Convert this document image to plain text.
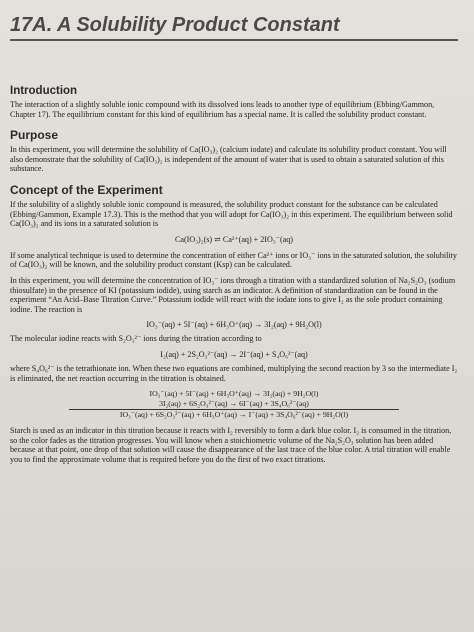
17A. A Solubility Product Constant
Introduction

The interaction of a slightly soluble ionic compound with its dissolved ions leads to another type of equilibrium (Ebbing/Gammon, Chapter 17). The equilibrium constant for this kind of equilibrium has a special name. It is called the solubility product constant.

Purpose

In this experiment, you will determine the solubility of Ca(IO₃)₂ (calcium iodate) and calculate its solubility product constant. You will also demonstrate that the solubility of Ca(IO₃)₂ is independent of the amount of water that is used to obtain a saturated solution of this substance.

Concept of the Experiment

If the solubility of a slightly soluble ionic compound is measured, the solubility product constant for the substance can be calculated (Ebbing/Gammon, Example 17.3). This is the method that you will adopt for Ca(IO₃)₂ in this experiment. The equilibrium between solid Ca(IO₃)₂ and its ions in a saturated solution is

Ca(IO₃)₂(s) ⇌ Ca²⁺(aq) + 2IO₃⁻(aq)

If some analytical technique is used to determine the concentration of either Ca²⁺ ions or IO₃⁻ ions in the saturated solution, the solubility of Ca(IO₃)₂ will be known, and the solubility product constant (Ksp) can be calculated.

In this experiment, you will determine the concentration of IO₃⁻ ions through a titration with a standardized solution of Na₂S₂O₃ (sodium thiosulfate) in the presence of KI (potassium iodide), using starch as an indicator. A definition of standardization can be found in the experiment “An Acid–Base Titration Curve.” Potassium iodide will react with the iodate ions to give I₂ as the sole product containing iodine. The reaction is

IO₃⁻(aq) + 5I⁻(aq) + 6H₃O⁺(aq) → 3I₂(aq) + 9H₂O(l)

The molecular iodine reacts with S₂O₃²⁻ ions during the titration according to

I₂(aq) + 2S₂O₃²⁻(aq) → 2I⁻(aq) + S₄O₆²⁻(aq)

where S₄O₆²⁻ is the tetrathionate ion. When these two equations are combined, multiplying the second reaction by 3 so the intermediate I₂ is eliminated, the net reaction occurring in the titration is obtained.

IO₃⁻(aq) + 5I⁻(aq) + 6H₃O⁺(aq) → 3I₂(aq) + 9H₂O(l)
3I₂(aq) + 6S₂O₃²⁻(aq) → 6I⁻(aq) + 3S₄O₆²⁻(aq)
IO₃⁻(aq) + 6S₂O₃²⁻(aq) + 6H₃O⁺(aq) → I⁻(aq) + 3S₄O₆²⁻(aq) + 9H₂O(l)

Starch is used as an indicator in this titration because it reacts with I₂ reversibly to form a dark blue color. I₂ is consumed in the titration, so the color fades as the titration progresses. You will know when a stoichiometric volume of the Na₂S₂O₃ solution has been added because at that point, one drop of that solution will cause the disappearance of the last trace of the blue color. A trial titration will enable you to find the approximate volume that is required before you do the first of two exact titrations.
